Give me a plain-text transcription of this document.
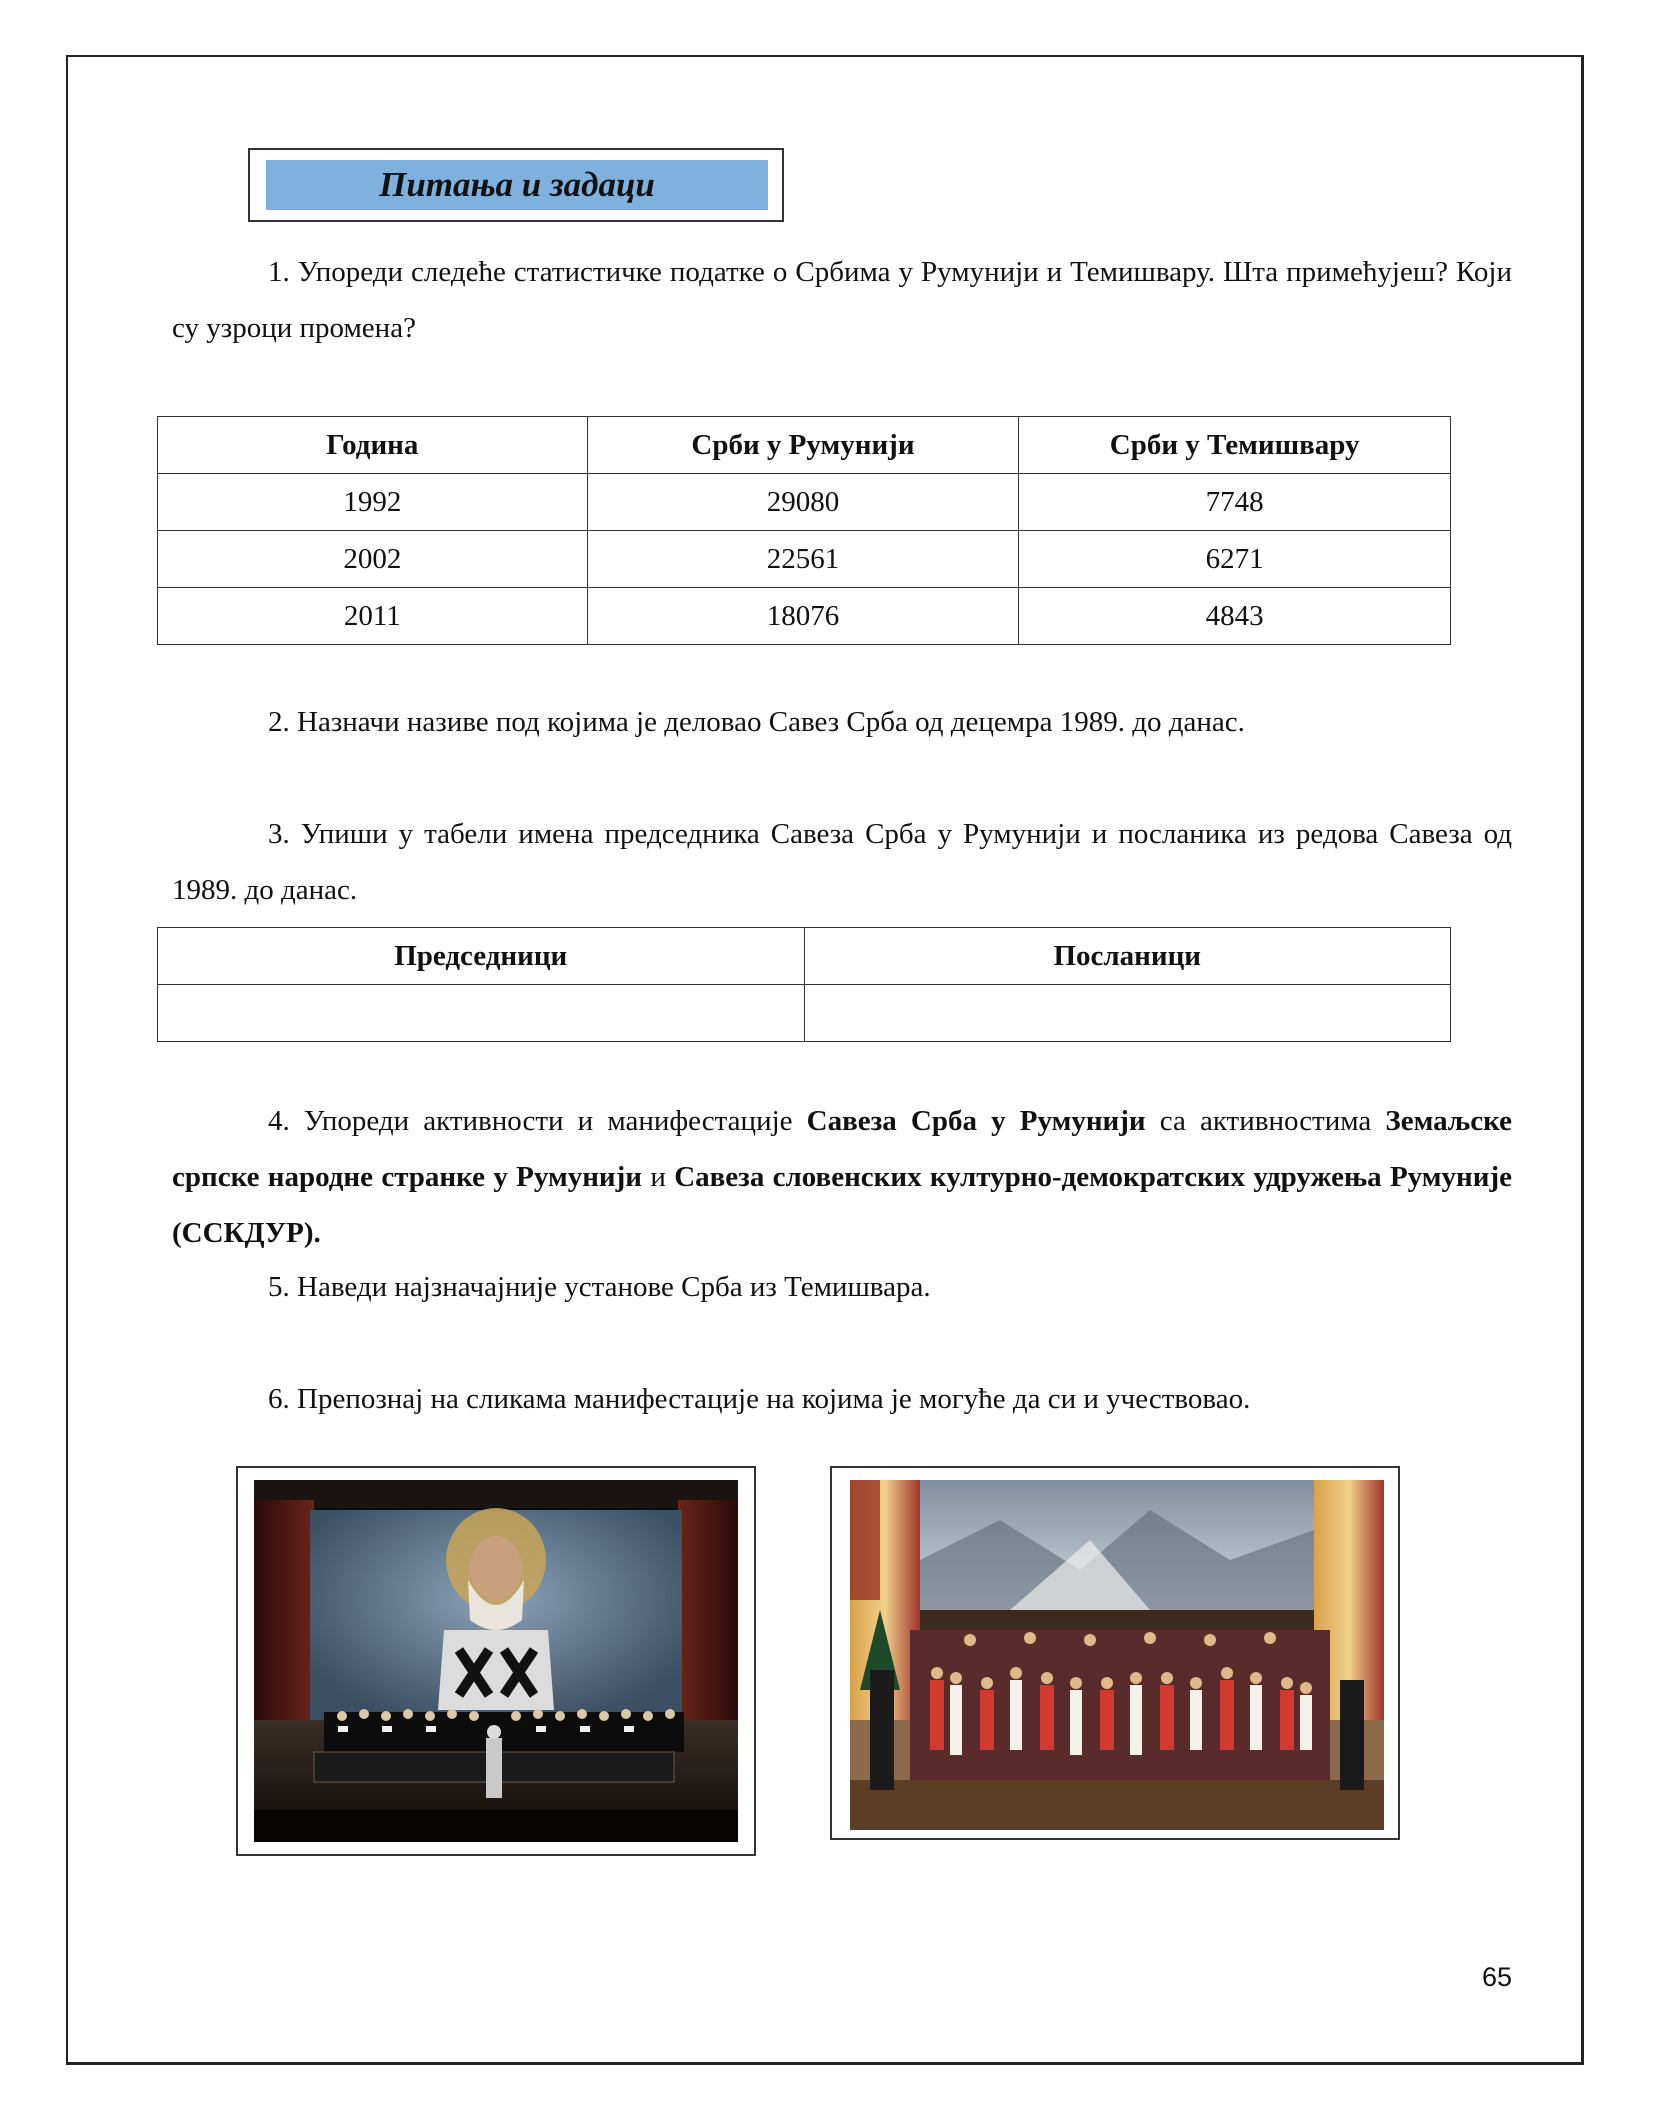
Питања и задаци

1. Упореди следеће статистичке податке о Србима у Румунији и Темишвару. Шта примећујеш? Који су узроци промена?

Година	Срби у Румунији	Срби у Темишвару
1992	29080	7748
2002	22561	6271
2011	18076	4843

2. Назначи називе под којима је деловао Савез Срба од децемра 1989. до данас.

3. Упиши у табели имена председника Савеза Срба у Румунији и посланика из редова Савеза од 1989. до данас.

Председници	Посланици

4. Упореди активности и манифестације Савеза Срба у Румунији са активностима Земаљске српске народне странке у Румунији и Савеза словенских културно-демократских удружења Румуније (ССКДУР).

5. Наведи најзначајније установе Срба из Темишвара.

6. Препознај на сликама манифестације на којима је могуће да си и учествовао.

65
